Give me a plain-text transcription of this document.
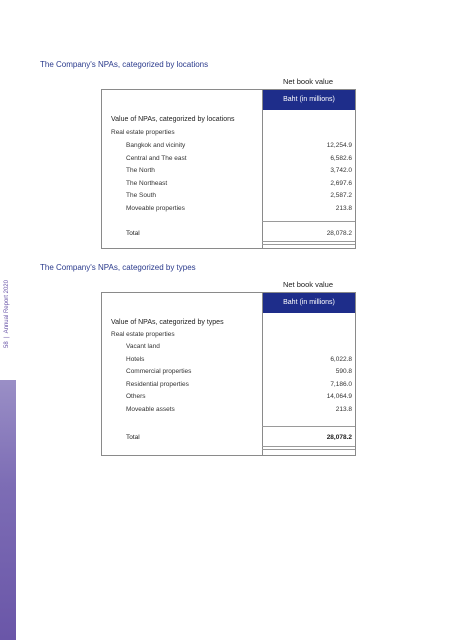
58  |  Annual Report 2020
The Company's NPAs, categorized by locations
Net book value
Baht (in millions)
Value of NPAs, categorized by locations
Real estate properties
Bangkok and vicinity	12,254.9
Central and The east	6,582.6
The North	3,742.0
The Northeast	2,697.6
The South	2,587.2
Moveable properties	213.8
Total	28,078.2
The Company's NPAs, categorized by types
Net book value
Baht (in millions)
Value of NPAs, categorized by types
Real estate properties
Vacant land
Hotels	6,022.8
Commercial properties	590.8
Residential properties	7,186.0
Others	14,064.9
Moveable assets	213.8
Total	28,078.2
